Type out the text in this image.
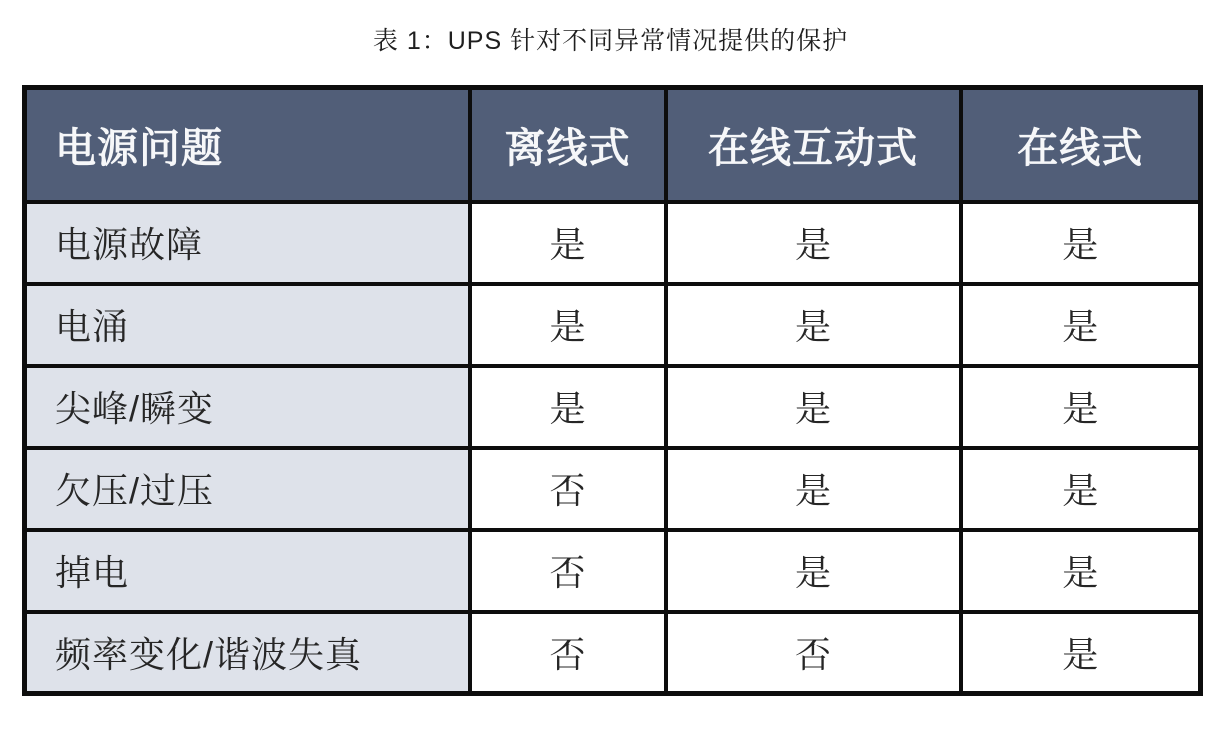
表 1：UPS 针对不同异常情况提供的保护
电源问题	离线式	在线互动式	在线式
电源故障	是	是	是
电涌	是	是	是
尖峰/瞬变	是	是	是
欠压/过压	否	是	是
掉电	否	是	是
频率变化/谐波失真	否	否	是
